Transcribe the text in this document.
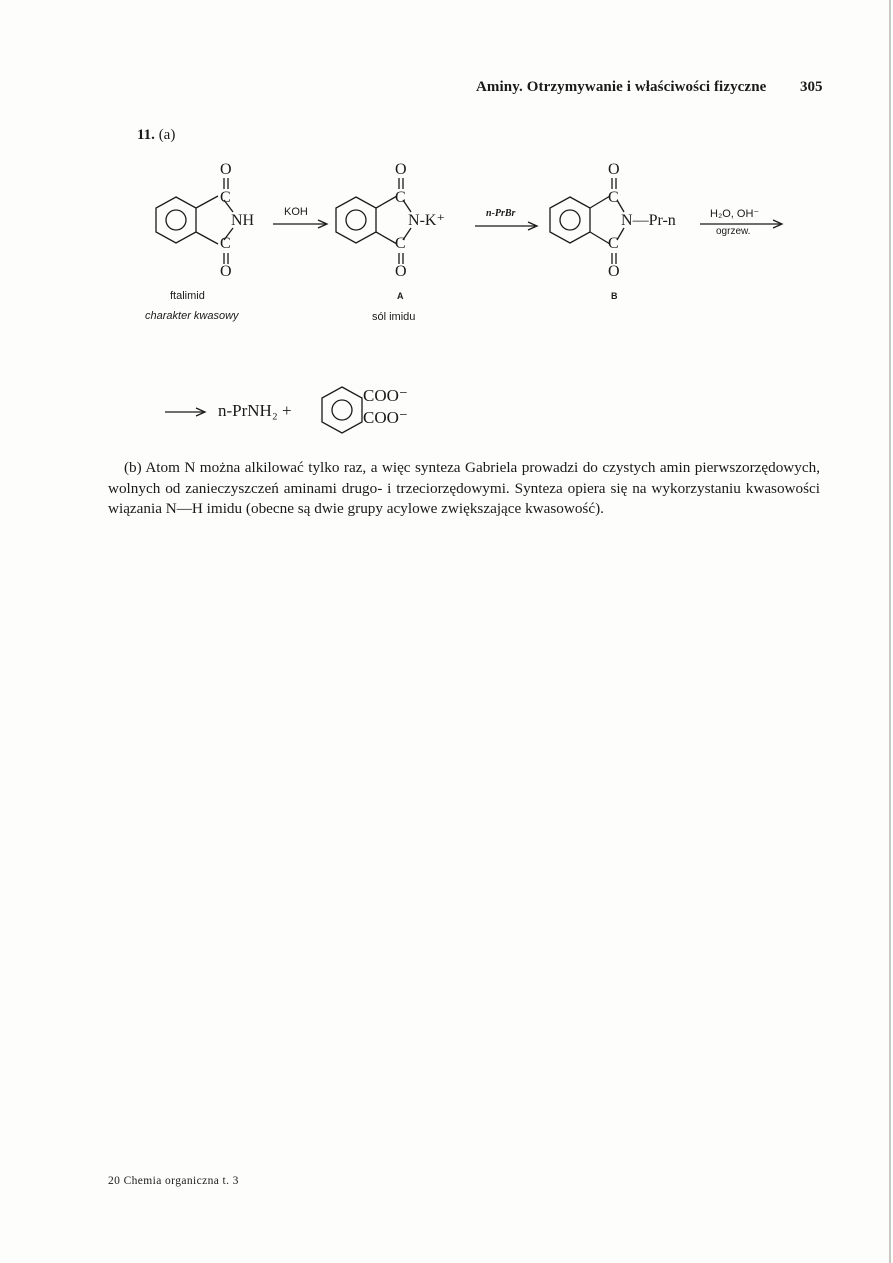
Aminy. Otrzymywanie i właściwości fizyczne 305
11. (a)
O
C
NH
C
O
KOH
O
C
N-K⁺
C
O
n-PrBr
O
C
N—Pr-n
C
O
H₂O, OH⁻
ogrzew.
ftalimid
charakter kwasowy
A
sól imidu
B
n-PrNH₂ +
COO⁻
COO⁻
(b) Atom N można alkilować tylko raz, a więc synteza Gabriela prowadzi do czystych amin pierwszorzędowych, wolnych od zanieczyszczeń aminami drugo- i trzeciorzędowymi. Synteza opiera się na wykorzystaniu kwasowości wiązania N—H imidu (obecne są dwie grupy acylowe zwiększające kwasowość).
20 Chemia organiczna t. 3
